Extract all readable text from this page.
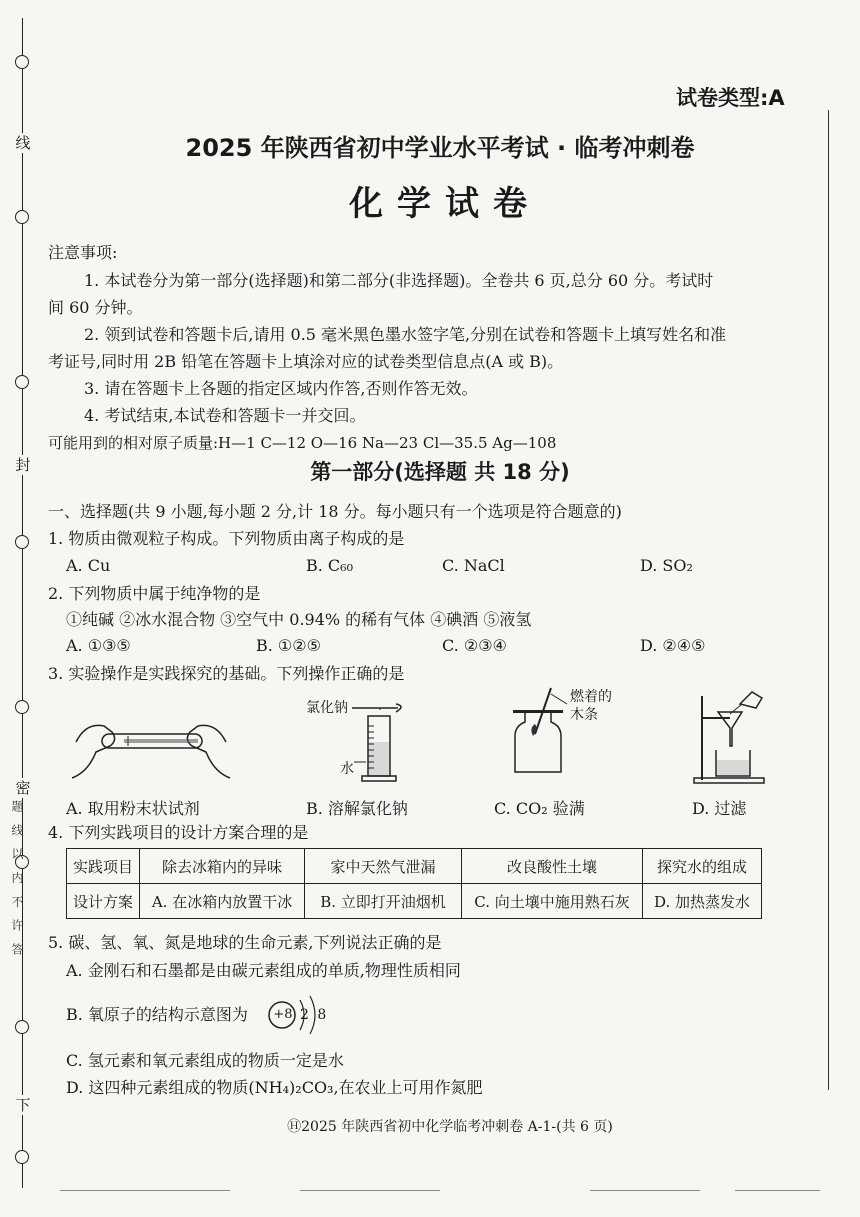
线
封
密
下
题 线 以 内 不 许 答
试卷类型:A
2025 年陕西省初中学业水平考试 · 临考冲刺卷
化学试卷
注意事项:
1. 本试卷分为第一部分(选择题)和第二部分(非选择题)。全卷共 6 页,总分 60 分。考试时
间 60 分钟。
2. 领到试卷和答题卡后,请用 0.5 毫米黑色墨水签字笔,分别在试卷和答题卡上填写姓名和准
考证号,同时用 2B 铅笔在答题卡上填涂对应的试卷类型信息点(A 或 B)。
3. 请在答题卡上各题的指定区域内作答,否则作答无效。
4. 考试结束,本试卷和答题卡一并交回。
可能用到的相对原子质量:H—1 C—12 O—16 Na—23 Cl—35.5 Ag—108
第一部分(选择题 共 18 分)
一、选择题(共 9 小题,每小题 2 分,计 18 分。每小题只有一个选项是符合题意的)
1. 物质由微观粒子构成。下列物质由离子构成的是
A. Cu	B. C₆₀	C. NaCl	D. SO₂
2. 下列物质中属于纯净物的是
①纯碱 ②冰水混合物 ③空气中 0.94% 的稀有气体 ④碘酒 ⑤液氢
A. ①③⑤	B. ①②⑤	C. ②③④	D. ②④⑤
3. 实验操作是实践探究的基础。下列操作正确的是
A. 取用粉末状试剂
氯化钠
水
B. 溶解氯化钠
燃着的
木条
C. CO₂ 验满	D. 过滤
4. 下列实践项目的设计方案合理的是
实践项目	除去冰箱内的异味	家中天然气泄漏	改良酸性土壤	探究水的组成
设计方案	A. 在冰箱内放置干冰	B. 立即打开油烟机	C. 向土壤中施用熟石灰	D. 加热蒸发水
5. 碳、氢、氧、氮是地球的生命元素,下列说法正确的是
A. 金刚石和石墨都是由碳元素组成的单质,物理性质相同
B. 氧原子的结构示意图为 +8 2 8
C. 氢元素和氧元素组成的物质一定是水
D. 这四种元素组成的物质(NH₄)₂CO₃,在农业上可用作氮肥
Ⓗ2025 年陕西省初中化学临考冲刺卷 A-1-(共 6 页)
